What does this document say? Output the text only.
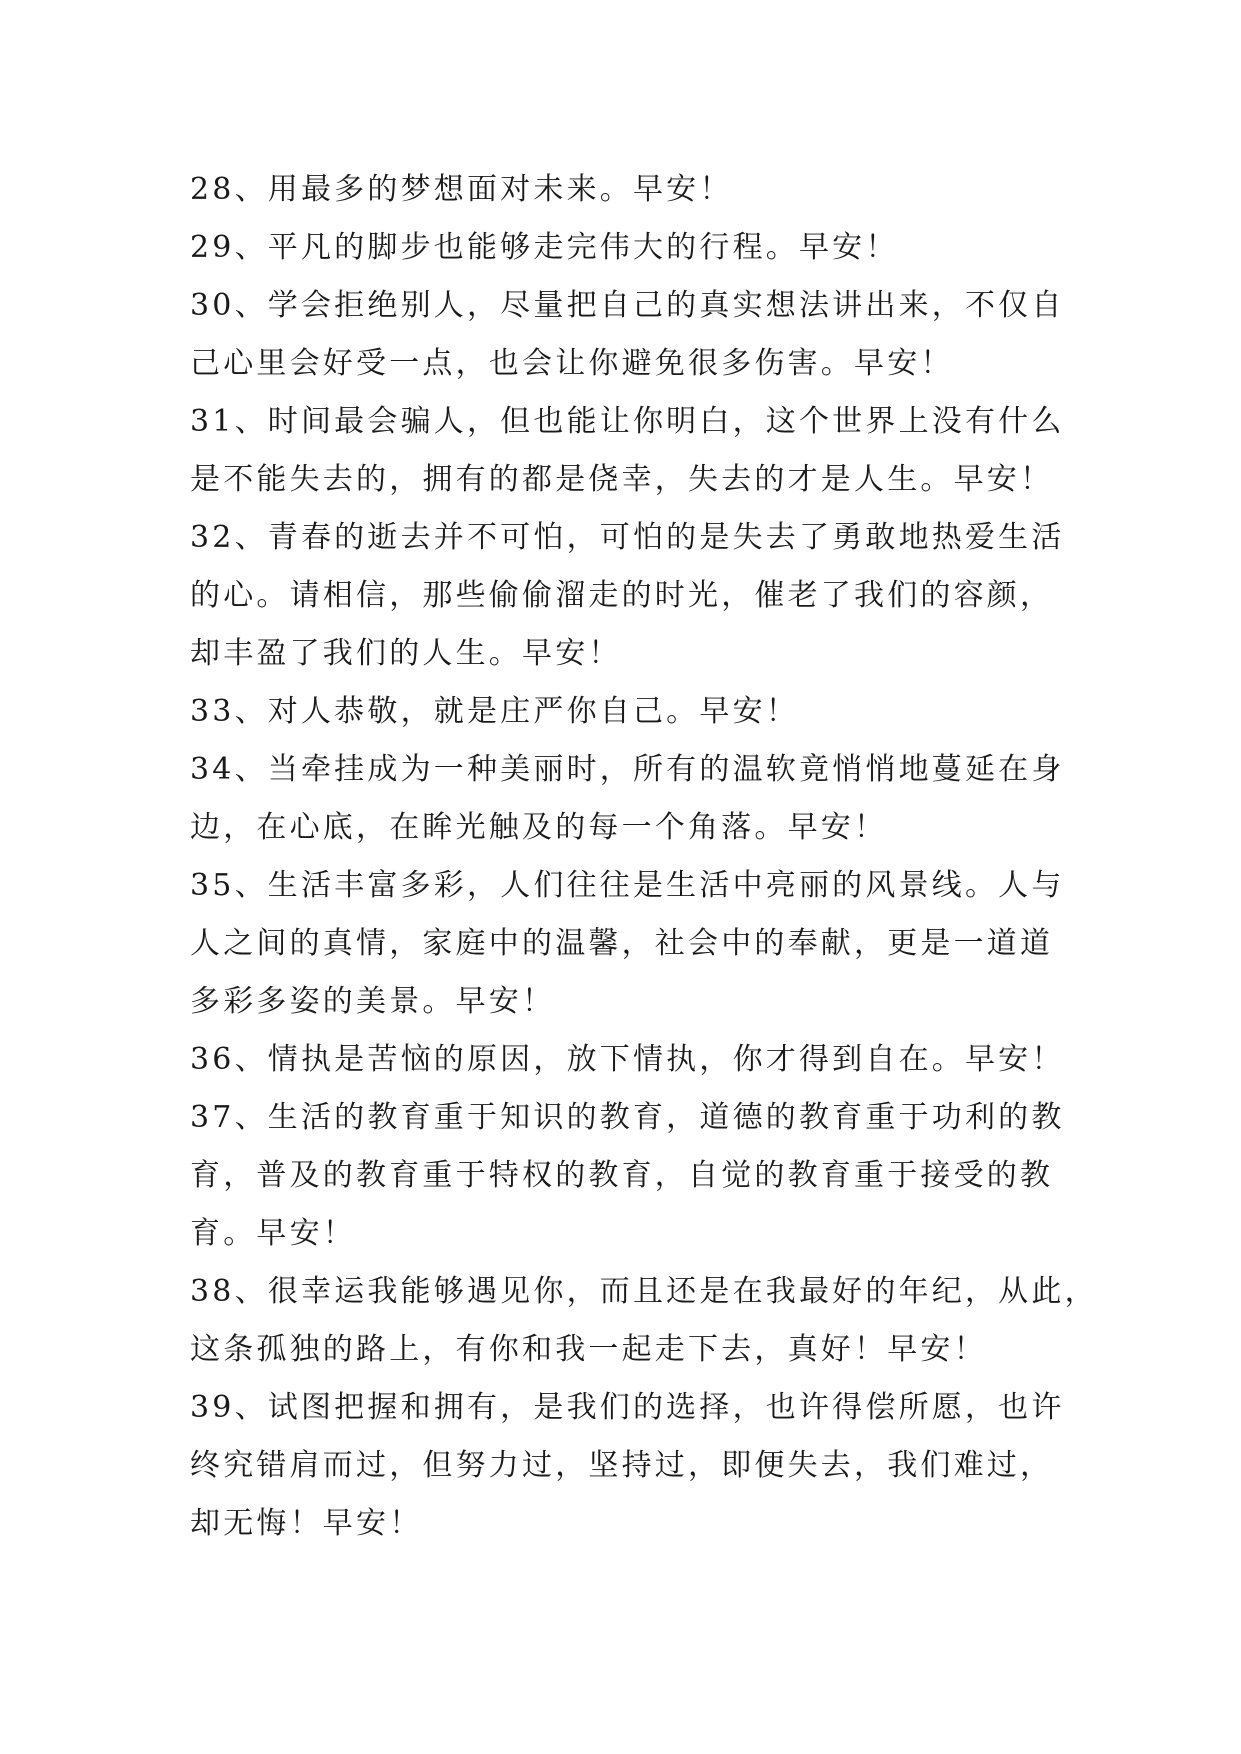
28、用最多的梦想面对未来。早安！
29、平凡的脚步也能够走完伟大的行程。早安！
30、学会拒绝别人，尽量把自己的真实想法讲出来，不仅自
己心里会好受一点，也会让你避免很多伤害。早安！
31、时间最会骗人，但也能让你明白，这个世界上没有什么
是不能失去的，拥有的都是侥幸，失去的才是人生。早安！
32、青春的逝去并不可怕，可怕的是失去了勇敢地热爱生活
的心。请相信，那些偷偷溜走的时光，催老了我们的容颜，
却丰盈了我们的人生。早安！
33、对人恭敬，就是庄严你自己。早安！
34、当牵挂成为一种美丽时，所有的温软竟悄悄地蔓延在身
边，在心底，在眸光触及的每一个角落。早安！
35、生活丰富多彩，人们往往是生活中亮丽的风景线。人与
人之间的真情，家庭中的温馨，社会中的奉献，更是一道道
多彩多姿的美景。早安！
36、情执是苦恼的原因，放下情执，你才得到自在。早安！
37、生活的教育重于知识的教育，道德的教育重于功利的教
育，普及的教育重于特权的教育，自觉的教育重于接受的教
育。早安！
38、很幸运我能够遇见你，而且还是在我最好的年纪，从此，
这条孤独的路上，有你和我一起走下去，真好！早安！
39、试图把握和拥有，是我们的选择，也许得偿所愿，也许
终究错肩而过，但努力过，坚持过，即便失去，我们难过，
却无悔！早安！
